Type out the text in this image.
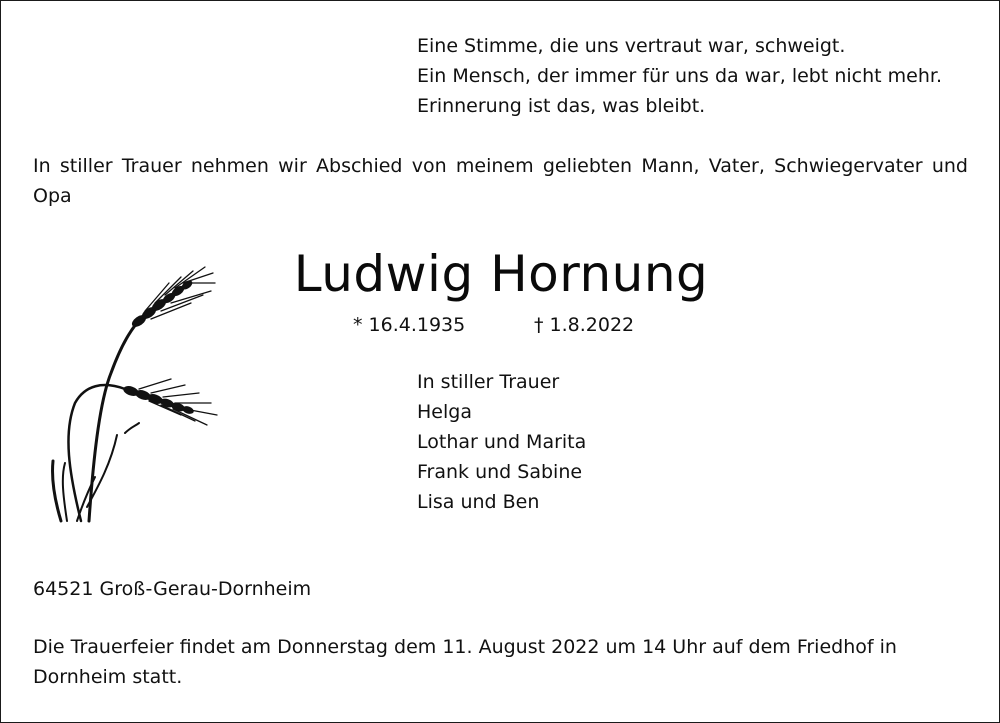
Eine Stimme, die uns vertraut war, schweigt.
Ein Mensch, der immer für uns da war, lebt nicht mehr.
Erinnerung ist das, was bleibt.
In stiller Trauer nehmen wir Abschied von meinem geliebten Mann, Vater, Schwiegervater und Opa
Ludwig Hornung
* 16.4.1935	† 1.8.2022
In stiller Trauer
Helga
Lothar und Marita
Frank und Sabine
Lisa und Ben
64521 Groß-Gerau-Dornheim
Die Trauerfeier findet am Donnerstag dem 11. August 2022 um 14 Uhr auf dem Friedhof in Dornheim statt.
